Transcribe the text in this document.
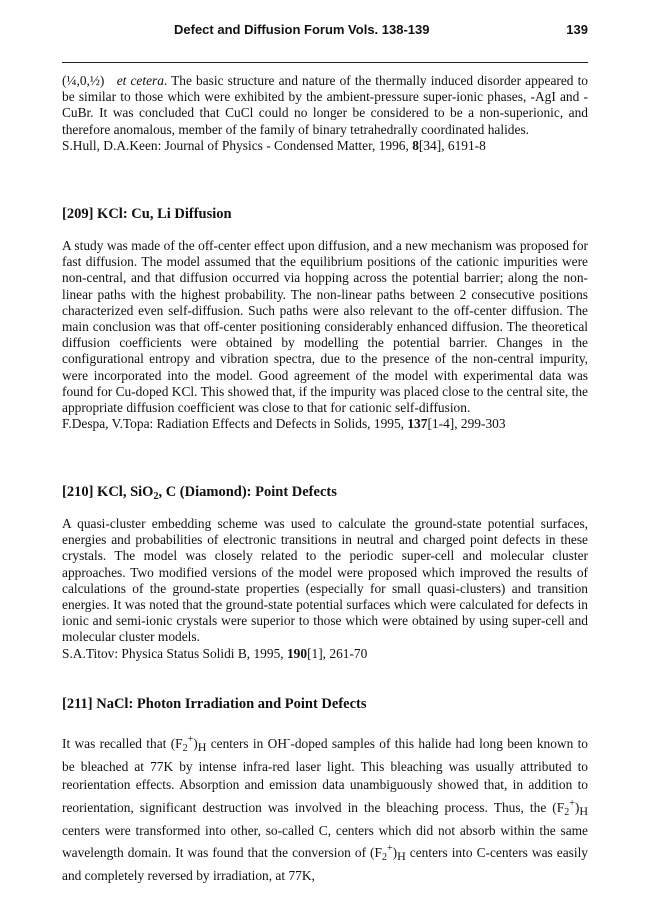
Defect and Diffusion Forum Vols. 138-139	139

(¼,0,½) et cetera. The basic structure and nature of the thermally induced disorder appeared to be similar to those which were exhibited by the ambient-pressure super-ionic phases, -AgI and -CuBr. It was concluded that CuCl could no longer be considered to be a non-superionic, and therefore anomalous, member of the family of binary tetrahedrally coordinated halides.

S.Hull, D.A.Keen: Journal of Physics - Condensed Matter, 1996, 8[34], 6191-8

[209] KCl: Cu, Li Diffusion

A study was made of the off-center effect upon diffusion, and a new mechanism was proposed for fast diffusion. The model assumed that the equilibrium positions of the cationic impurities were non-central, and that diffusion occurred via hopping across the potential barrier; along the non-linear paths with the highest probability. The non-linear paths between 2 consecutive positions characterized even self-diffusion. Such paths were also relevant to the off-center diffusion. The main conclusion was that off-center positioning considerably enhanced diffusion. The theoretical diffusion coefficients were obtained by modelling the potential barrier. Changes in the configurational entropy and vibration spectra, due to the presence of the non-central impurity, were incorporated into the model. Good agreement of the model with experimental data was found for Cu-doped KCl. This showed that, if the impurity was placed close to the central site, the appropriate diffusion coefficient was close to that for cationic self-diffusion.

F.Despa, V.Topa: Radiation Effects and Defects in Solids, 1995, 137[1-4], 299-303

[210] KCl, SiO$_2$, C (Diamond): Point Defects

A quasi-cluster embedding scheme was used to calculate the ground-state potential surfaces, energies and probabilities of electronic transitions in neutral and charged point defects in these crystals. The model was closely related to the periodic super-cell and molecular cluster approaches. Two modified versions of the model were proposed which improved the results of calculations of the ground-state properties (especially for small quasi-clusters) and transition energies. It was noted that the ground-state potential surfaces which were calculated for defects in ionic and semi-ionic crystals were superior to those which were obtained by using super-cell and molecular cluster models.

S.A.Titov: Physica Status Solidi B, 1995, 190[1], 261-70

[211] NaCl: Photon Irradiation and Point Defects

It was recalled that $(F_2^+)H$ centers in OH--doped samples of this halide had long been known to be bleached at 77K by intense infra-red laser light. This bleaching was usually attributed to reorientation effects. Absorption and emission data unambiguously showed that, in addition to reorientation, significant destruction was involved in the bleaching process. Thus, the $(F_2^+)H$ centers were transformed into other, so-called C, centers which did not absorb within the same wavelength domain. It was found that the conversion of $(F_2^+)H$ centers into C-centers was easily and completely reversed by irradiation, at 77K,
